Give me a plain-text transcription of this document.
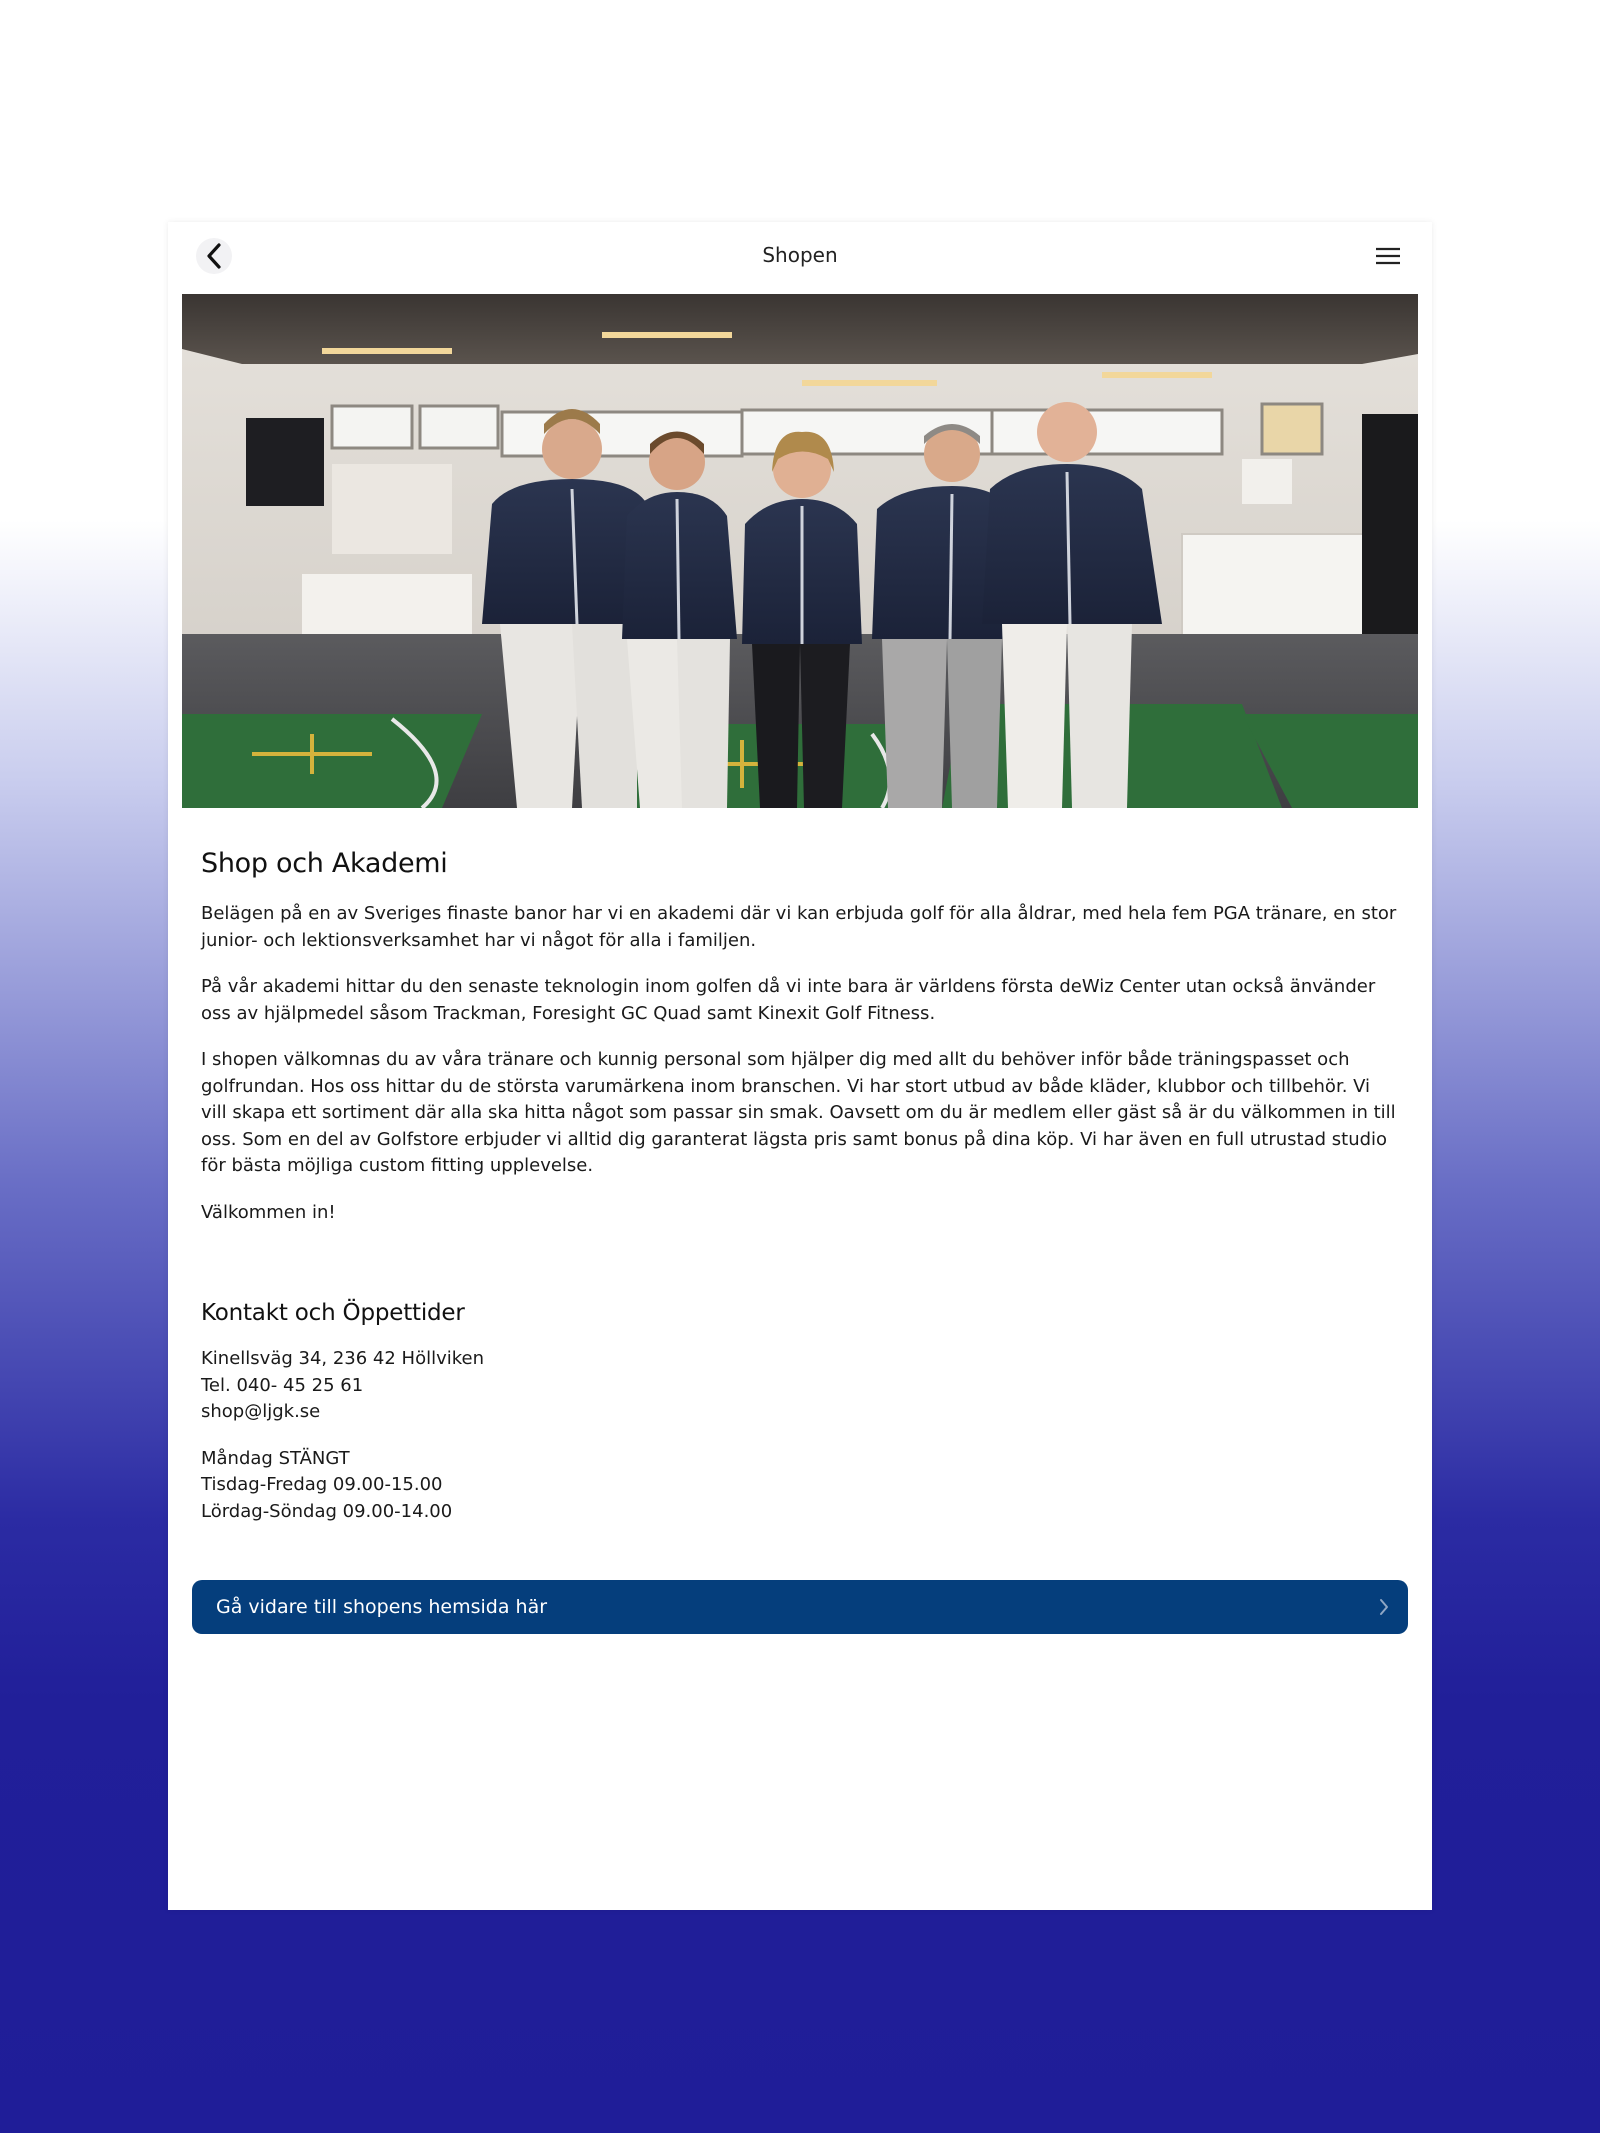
Shopen
Shop och Akademi

Belägen på en av Sveriges finaste banor har vi en akademi där vi kan erbjuda golf för alla åldrar, med hela fem PGA tränare, en stor junior- och lektionsverksamhet har vi något för alla i familjen.

På vår akademi hittar du den senaste teknologin inom golfen då vi inte bara är världens första deWiz Center utan också änvänder oss av hjälpmedel såsom Trackman, Foresight GC Quad samt Kinexit Golf Fitness.

I shopen välkomnas du av våra tränare och kunnig personal som hjälper dig med allt du behöver inför både träningspasset och golfrundan. Hos oss hittar du de största varumärkena inom branschen. Vi har stort utbud av både kläder, klubbor och tillbehör. Vi vill skapa ett sortiment där alla ska hitta något som passar sin smak. Oavsett om du är medlem eller gäst så är du välkommen in till oss. Som en del av Golfstore erbjuder vi alltid dig garanterat lägsta pris samt bonus på dina köp. Vi har även en full utrustad studio för bästa möjliga custom fitting upplevelse.

Välkommen in!

Kontakt och Öppettider
Kinellsväg 34, 236 42 Höllviken
Tel. 040- 45 25 61
shop@ljgk.se
Måndag STÄNGT
Tisdag-Fredag 09.00-15.00
Lördag-Söndag 09.00-14.00
Gå vidare till shopens hemsida här
